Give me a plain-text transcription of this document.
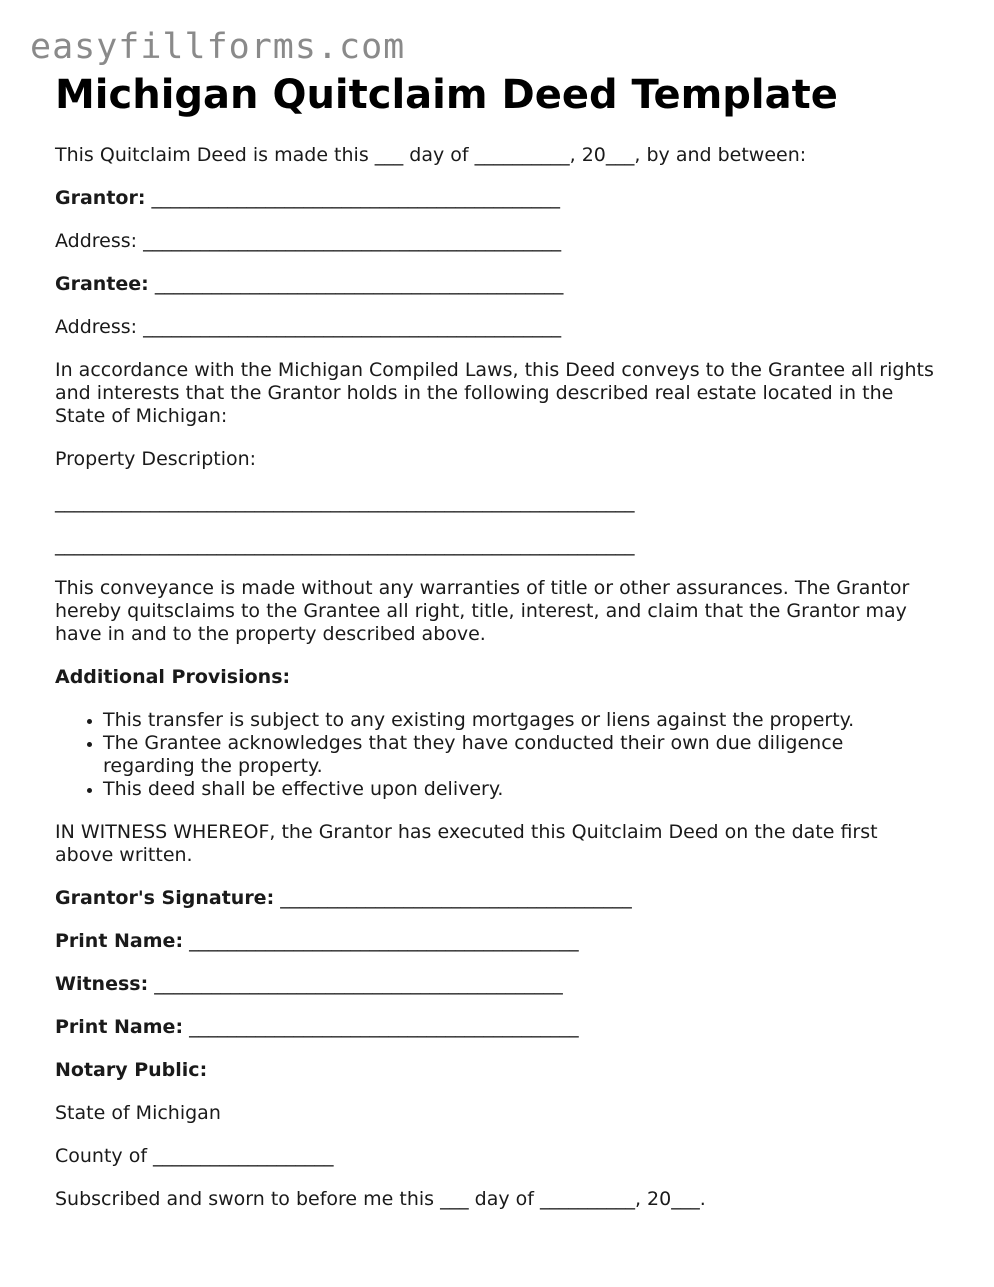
easyfillforms.com
Michigan Quitclaim Deed Template

This Quitclaim Deed is made this ___ day of __________, 20___, by and between:

Grantor: ___________________________________________

Address: ____________________________________________

Grantee: ___________________________________________

Address: ____________________________________________

In accordance with the Michigan Compiled Laws, this Deed conveys to the Grantee all rights and interests that the Grantor holds in the following described real estate located in the State of Michigan:

Property Description:

_____________________________________________________________

_____________________________________________________________

This conveyance is made without any warranties of title or other assurances. The Grantor hereby quitsclaims to the Grantee all right, title, interest, and claim that the Grantor may have in and to the property described above.

Additional Provisions:

• This transfer is subject to any existing mortgages or liens against the property.
• The Grantee acknowledges that they have conducted their own due diligence regarding the property.
• This deed shall be effective upon delivery.

IN WITNESS WHEREOF, the Grantor has executed this Quitclaim Deed on the date first above written.

Grantor's Signature: _____________________________________

Print Name: _________________________________________

Witness: ___________________________________________

Print Name: _________________________________________

Notary Public:

State of Michigan

County of ___________________

Subscribed and sworn to before me this ___ day of __________, 20___.
